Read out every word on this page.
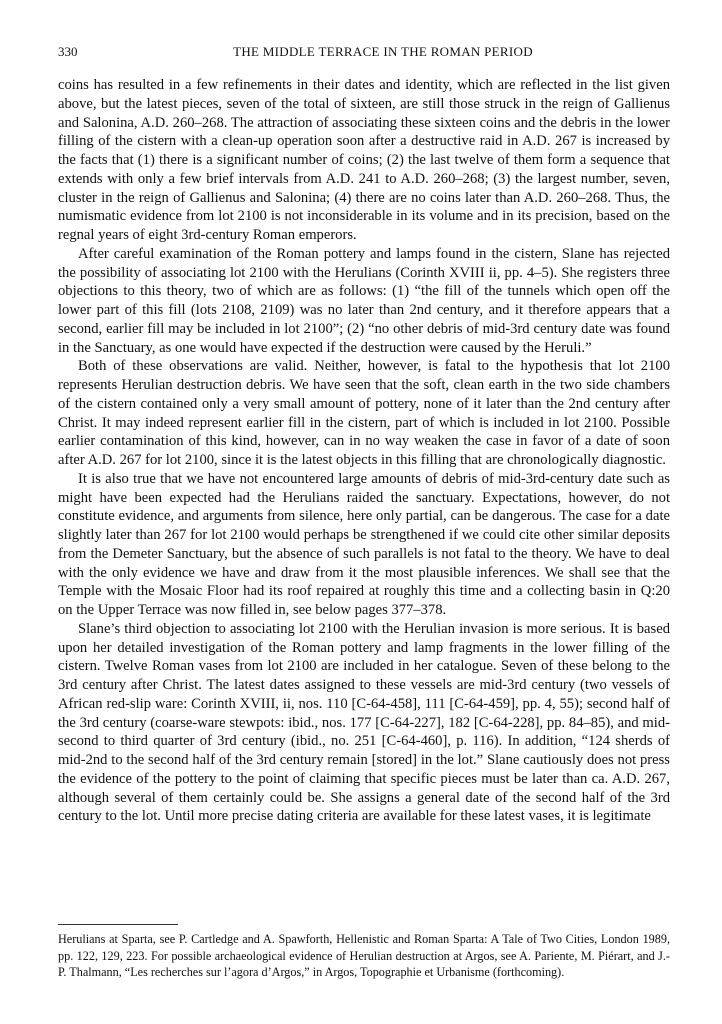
330	THE MIDDLE TERRACE IN THE ROMAN PERIOD

coins has resulted in a few refinements in their dates and identity, which are reflected in the list given above, but the latest pieces, seven of the total of sixteen, are still those struck in the reign of Gallienus and Salonina, A.D. 260–268. The attraction of associating these sixteen coins and the debris in the lower filling of the cistern with a clean-up operation soon after a destructive raid in A.D. 267 is increased by the facts that (1) there is a significant number of coins; (2) the last twelve of them form a sequence that extends with only a few brief intervals from A.D. 241 to A.D. 260–268; (3) the largest number, seven, cluster in the reign of Gallienus and Salonina; (4) there are no coins later than A.D. 260–268. Thus, the numismatic evidence from lot 2100 is not inconsiderable in its volume and in its precision, based on the regnal years of eight 3rd-century Roman emperors.

After careful examination of the Roman pottery and lamps found in the cistern, Slane has rejected the possibility of associating lot 2100 with the Herulians (Corinth XVIII ii, pp. 4–5). She registers three objections to this theory, two of which are as follows: (1) “the fill of the tunnels which open off the lower part of this fill (lots 2108, 2109) was no later than 2nd century, and it therefore appears that a second, earlier fill may be included in lot 2100”; (2) “no other debris of mid-3rd century date was found in the Sanctuary, as one would have expected if the destruction were caused by the Heruli.”

Both of these observations are valid. Neither, however, is fatal to the hypothesis that lot 2100 represents Herulian destruction debris. We have seen that the soft, clean earth in the two side chambers of the cistern contained only a very small amount of pottery, none of it later than the 2nd century after Christ. It may indeed represent earlier fill in the cistern, part of which is included in lot 2100. Possible earlier contamination of this kind, however, can in no way weaken the case in favor of a date of soon after A.D. 267 for lot 2100, since it is the latest objects in this filling that are chronologically diagnostic.

It is also true that we have not encountered large amounts of debris of mid-3rd-century date such as might have been expected had the Herulians raided the sanctuary. Expectations, however, do not constitute evidence, and arguments from silence, here only partial, can be dangerous. The case for a date slightly later than 267 for lot 2100 would perhaps be strengthened if we could cite other similar deposits from the Demeter Sanctuary, but the absence of such parallels is not fatal to the theory. We have to deal with the only evidence we have and draw from it the most plausible inferences. We shall see that the Temple with the Mosaic Floor had its roof repaired at roughly this time and a collecting basin in Q:20 on the Upper Terrace was now filled in, see below pages 377–378.

Slane’s third objection to associating lot 2100 with the Herulian invasion is more serious. It is based upon her detailed investigation of the Roman pottery and lamp fragments in the lower filling of the cistern. Twelve Roman vases from lot 2100 are included in her catalogue. Seven of these belong to the 3rd century after Christ. The latest dates assigned to these vessels are mid-3rd century (two vessels of African red-slip ware: Corinth XVIII, ii, nos. 110 [C-64-458], 111 [C-64-459], pp. 4, 55); second half of the 3rd century (coarse-ware stewpots: ibid., nos. 177 [C-64-227], 182 [C-64-228], pp. 84–85), and mid-second to third quarter of 3rd century (ibid., no. 251 [C-64-460], p. 116). In addition, “124 sherds of mid-2nd to the second half of the 3rd century remain [stored] in the lot.” Slane cautiously does not press the evidence of the pottery to the point of claiming that specific pieces must be later than ca. A.D. 267, although several of them certainly could be. She assigns a general date of the second half of the 3rd century to the lot. Until more precise dating criteria are available for these latest vases, it is legitimate

Herulians at Sparta, see P. Cartledge and A. Spawforth, Hellenistic and Roman Sparta: A Tale of Two Cities, London 1989, pp. 122, 129, 223. For possible archaeological evidence of Herulian destruction at Argos, see A. Pariente, M. Piérart, and J.-P. Thalmann, “Les recherches sur l’agora d’Argos,” in Argos, Topographie et Urbanisme (forthcoming).
